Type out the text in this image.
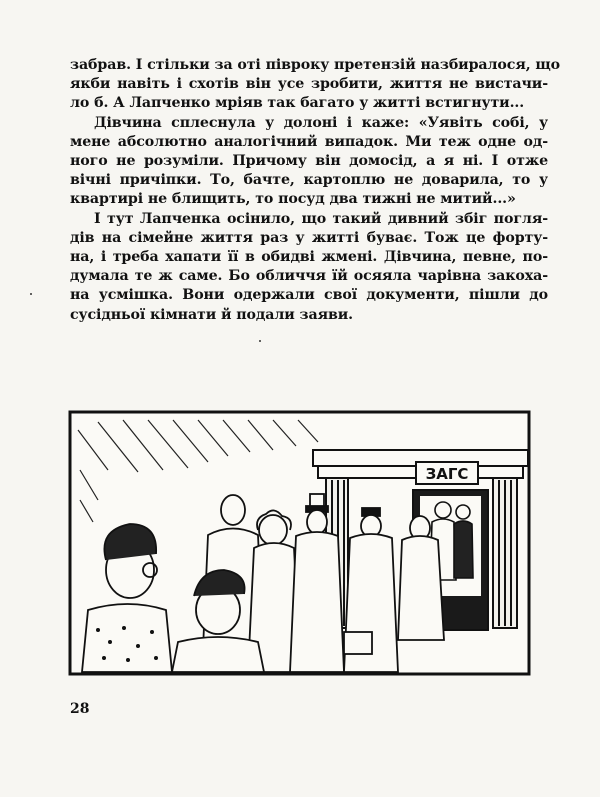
забрав. І стільки за оті півроку претензій назбиралося, що
якби навіть і схотів він усе зробити, життя не вистачи-
ло б. А Лапченко мріяв так багато у житті встигнути...

Дівчина сплеснула у долоні і каже: «Уявіть собі, у
мене абсолютно аналогічний випадок. Ми теж одне од-
ного не розуміли. Причому він домосід, а я ні. І отже
вічні причіпки. То, бачте, картоплю не доварила, то у
квартирі не блищить, то посуд два тижні не митий...»

І тут Лапченка осінило, що такий дивний збіг погля-
дів на сімейне життя раз у житті буває. Тож це форту-
на, і треба хапати її в обидві жмені. Дівчина, певне, по-
думала те ж саме. Бо обличчя їй осяяла чарівна закоха-
на усмішка. Вони одержали свої документи, пішли до
сусідньої кімнати й подали заяви.

ЗАГС
28
